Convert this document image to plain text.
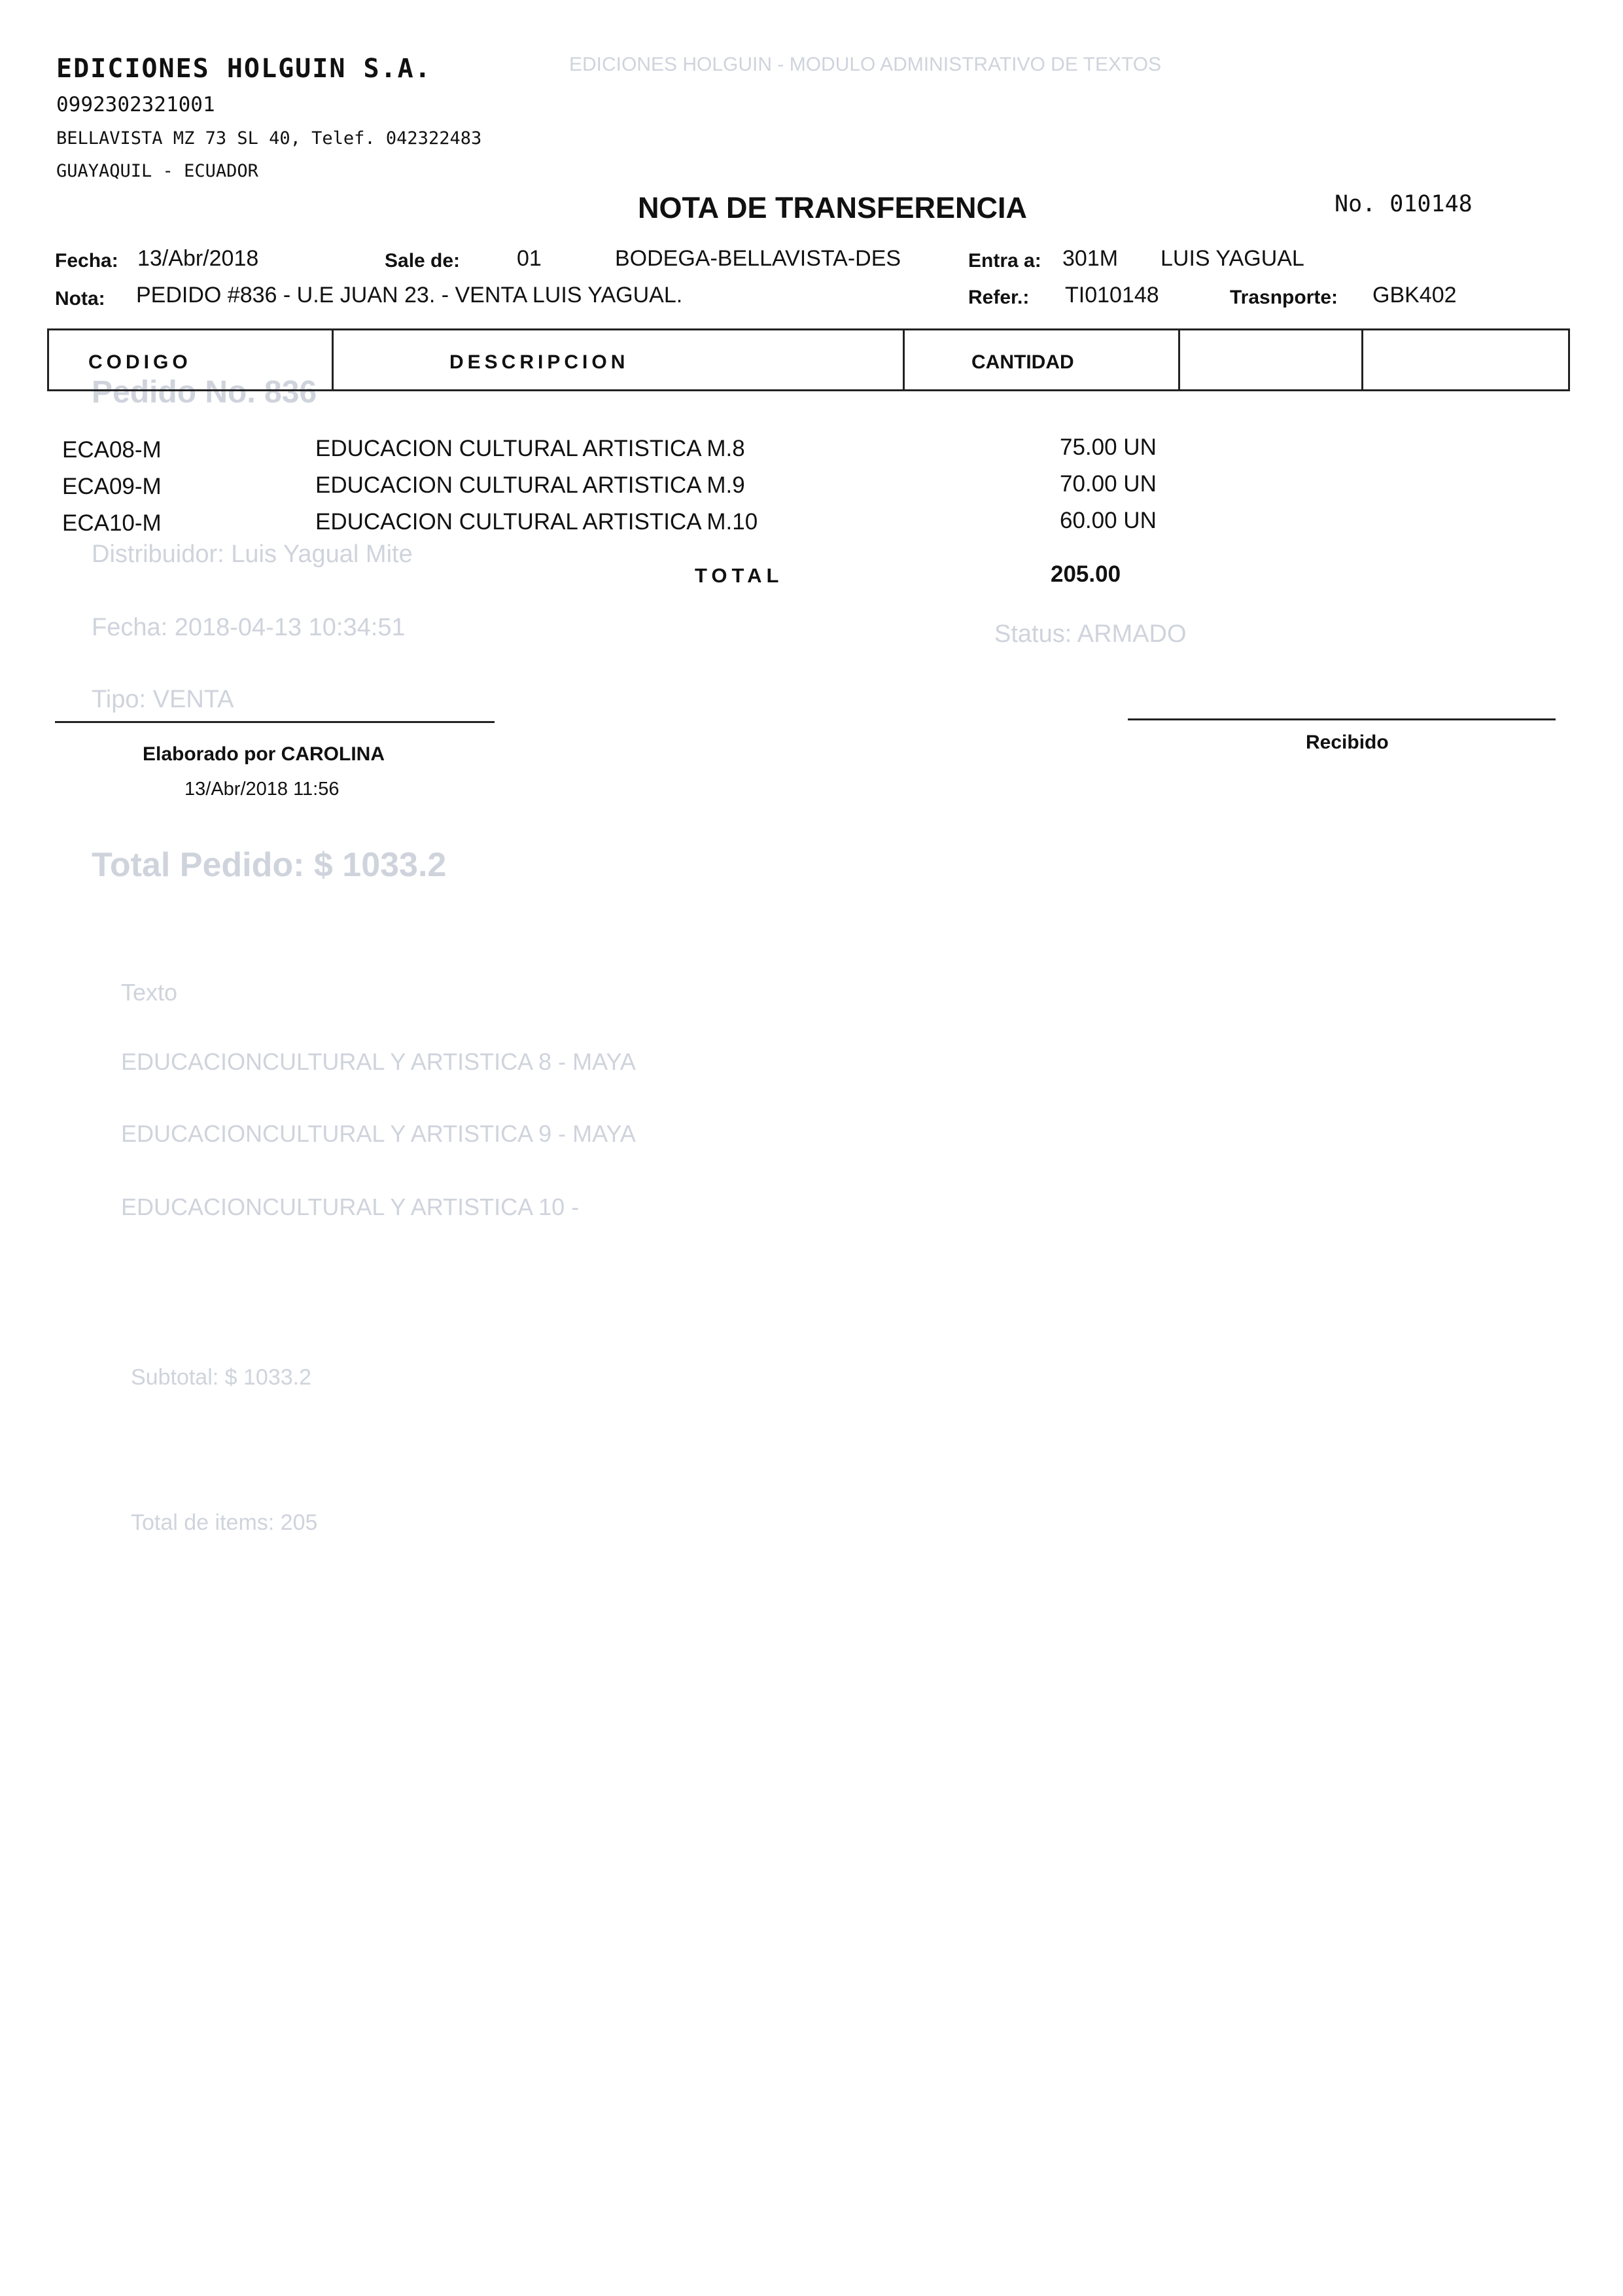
EDICIONES HOLGUIN - MODULO ADMINISTRATIVO DE TEXTOS
Pedido No. 836
Distribuidor: Luis Yagual Mite
Fecha: 2018-04-13 10:34:51	Status: ARMADO
Tipo: VENTA
Total Pedido: $ 1033.2
Texto
EDUCACIONCULTURAL Y ARTISTICA 8 - MAYA
EDUCACIONCULTURAL Y ARTISTICA 9 - MAYA
EDUCACIONCULTURAL Y ARTISTICA 10 -
Subtotal: $ 1033.2
Total de items: 205
EDICIONES HOLGUIN S.A.
0992302321001
BELLAVISTA MZ 73 SL 40, Telef. 042322483
GUAYAQUIL - ECUADOR
NOTA DE TRANSFERENCIA	No. 010148
Fecha: 13/Abr/2018	Sale de:	01	BODEGA-BELLAVISTA-DES	Entra a: 301M LUIS YAGUAL
Nota: PEDIDO #836 - U.E JUAN 23. - VENTA LUIS YAGUAL.	Refer.: TI010148	Trasnporte: GBK402
CODIGO	DESCRIPCION	CANTIDAD
ECA08-M	EDUCACION CULTURAL ARTISTICA M.8	75.00 UN
ECA09-M	EDUCACION CULTURAL ARTISTICA M.9	70.00 UN
ECA10-M	EDUCACION CULTURAL ARTISTICA M.10	60.00 UN
TOTAL	205.00
Elaborado por CAROLINA
13/Abr/2018 11:56
Recibido
